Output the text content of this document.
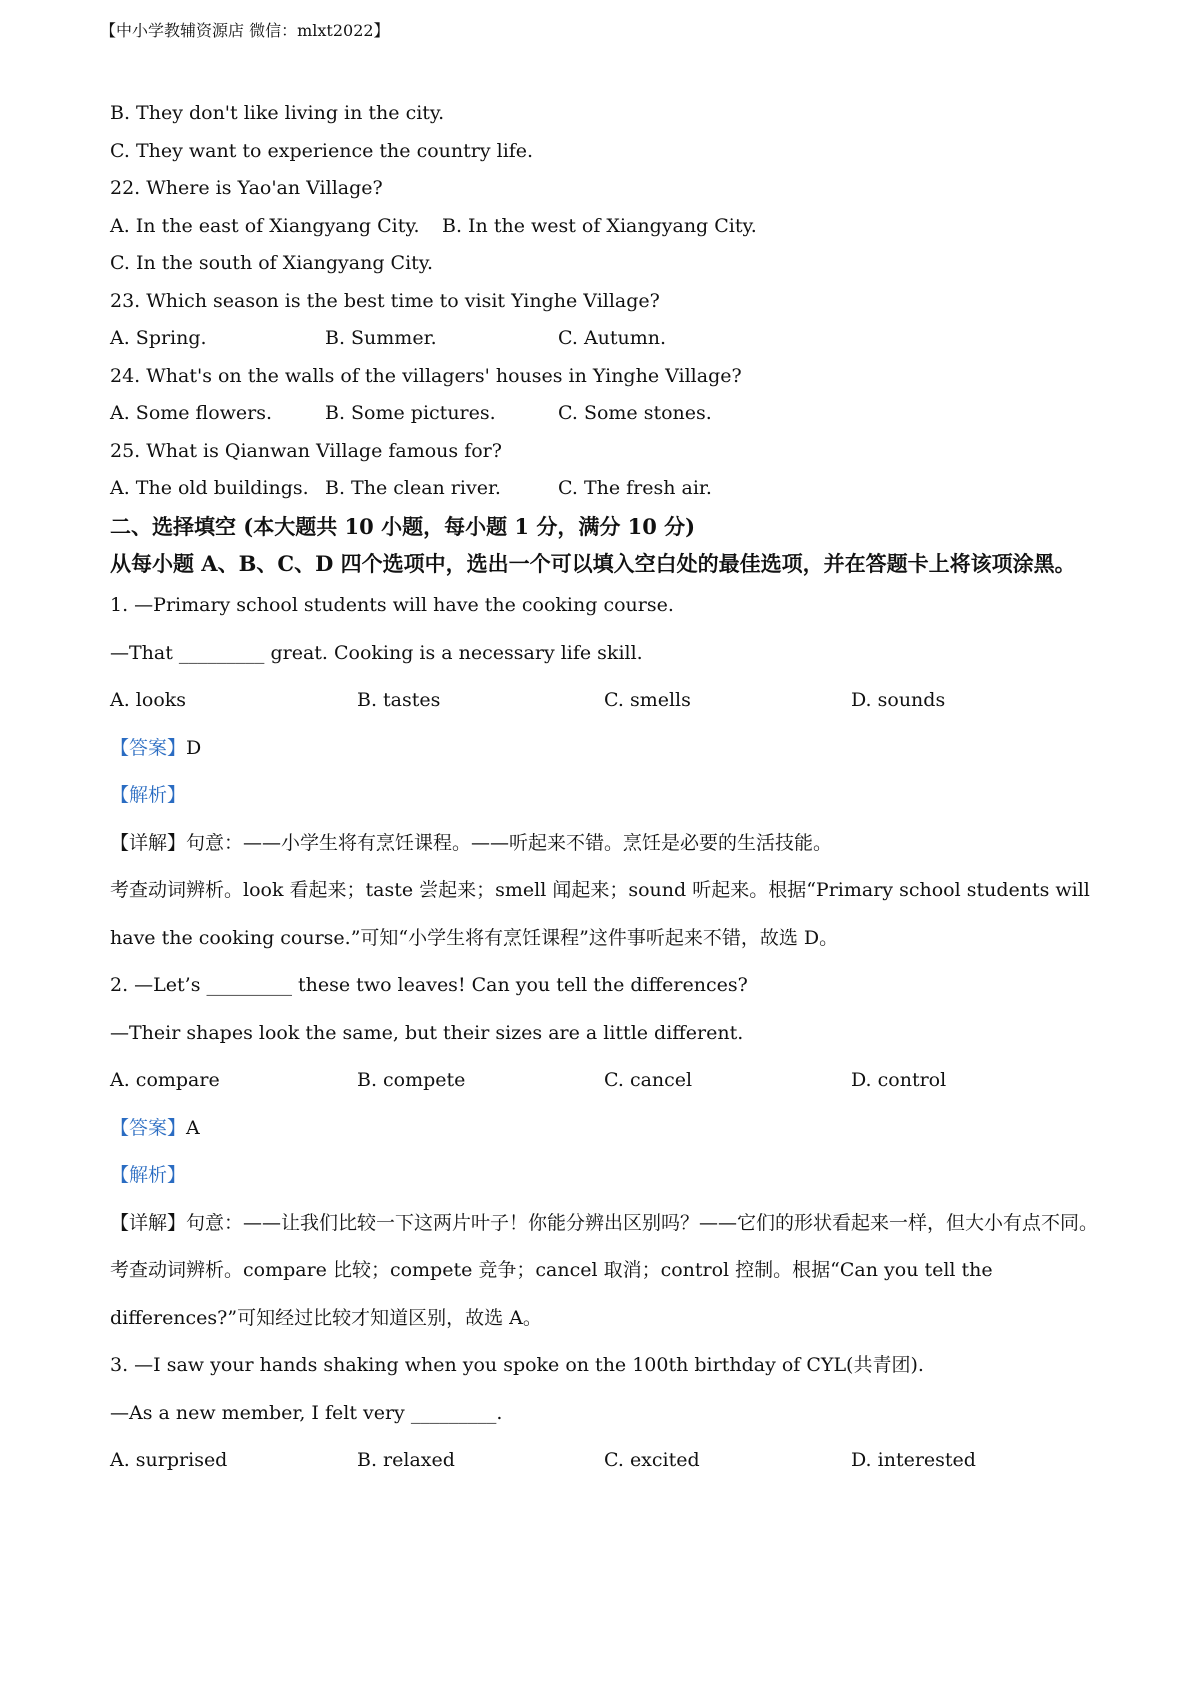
【中小学教辅资源店 微信：mlxt2022】
B. They don't like living in the city.
C. They want to experience the country life.
22. Where is Yao'an Village?
A. In the east of Xiangyang City. B. In the west of Xiangyang City.
C. In the south of Xiangyang City.
23. Which season is the best time to visit Yinghe Village?
A. Spring.	B. Summer.	C. Autumn.
24. What's on the walls of the villagers' houses in Yinghe Village?
A. Some flowers.	B. Some pictures.	C. Some stones.
25. What is Qianwan Village famous for?
A. The old buildings. B. The clean river.	C. The fresh air.
二、选择填空 (本大题共 10 小题，每小题 1 分，满分 10 分)
从每小题 A、B、C、D 四个选项中，选出一个可以填入空白处的最佳选项，并在答题卡上将该项涂黑。
1. —Primary school students will have the cooking course.
—That _________ great. Cooking is a necessary life skill.
A. looks	B. tastes	C. smells	D. sounds
【答案】D
【解析】
【详解】句意：——小学生将有烹饪课程。——听起来不错。烹饪是必要的生活技能。
考查动词辨析。look 看起来；taste 尝起来；smell 闻起来；sound 听起来。根据“Primary school students will have the cooking course.”可知“小学生将有烹饪课程”这件事听起来不错，故选 D。
2. —Let’s _________ these two leaves! Can you tell the differences?
—Their shapes look the same, but their sizes are a little different.
A. compare	B. compete	C. cancel	D. control
【答案】A
【解析】
【详解】句意：——让我们比较一下这两片叶子！你能分辨出区别吗？——它们的形状看起来一样，但大小有点不同。
考查动词辨析。compare 比较；compete 竞争；cancel 取消；control 控制。根据“Can you tell the differences?”可知经过比较才知道区别，故选 A。
3. —I saw your hands shaking when you spoke on the 100th birthday of CYL(共青团).
—As a new member, I felt very _________.
A. surprised	B. relaxed	C. excited	D. interested
